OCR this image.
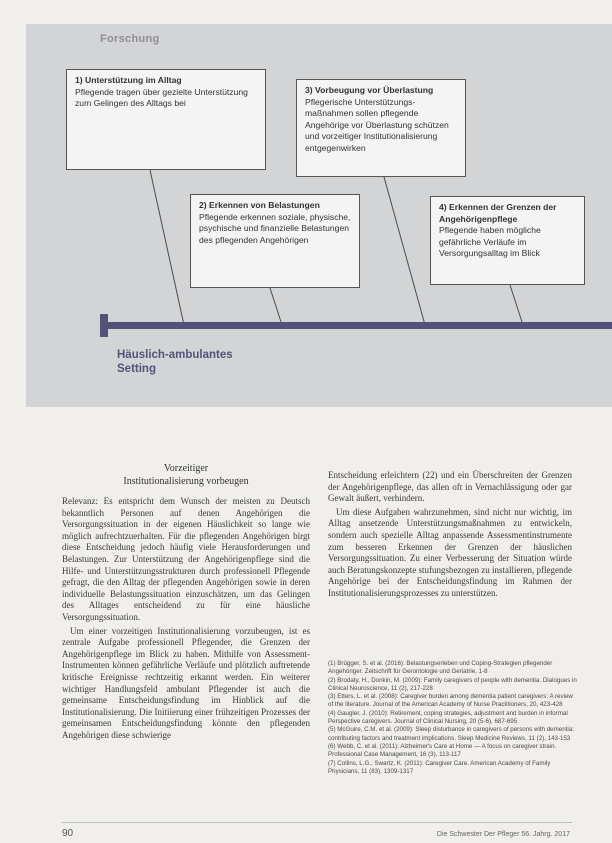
Forschung
1) Unterstützung im Alltag
Pflegende tragen über gezielte Unterstützung zum Gelingen des Alltags bei
3) Vorbeugung vor Überlastung
Pflegerische Unterstützungs-maßnahmen sollen pflegende Angehörige vor Überlastung schützen und vorzeitiger Institutionalisierung entgegenwirken
2) Erkennen von Belastungen
Pflegende erkennen soziale, physische, psychische und finanzielle Belastungen des pflegenden Angehörigen
4) Erkennen der Grenzen der Angehörigenpflege
Pflegende haben mögliche gefährliche Verläufe im Versorgungsalltag im Blick
Häuslich-ambulantes
Setting
Vorzeitiger
Institutionalisierung vorbeugen

Relevanz: Es entspricht dem Wunsch der meisten zu Deutsch bekanntlich Personen auf denen Angehörigen die Versorgungssituation in der eigenen Häuslichkeit so lange wie möglich aufrechtzuerhalten. Für die pflegenden Angehörigen birgt diese Entscheidung jedoch häufig viele Herausforderungen und Belastungen. Zur Unterstützung der Angehörigenpflege sind die Hilfe- und Unterstützungsstrukturen durch professionell Pflegende gefragt, die den Alltag der pflegenden Angehörigen sowie in deren individuelle Belastungssituation einzuschätzen, um das Gelingen des Alltages entscheidend zu für eine häusliche Versorgungssituation.

Um einer vorzeitigen Institutionalisierung vorzubeugen, ist es zentrale Aufgabe professionell Pflegender, die Grenzen der Angehörigenpflege im Blick zu haben. Mithilfe von Assessment-Instrumenten können gefährliche Verläufe und plötzlich auftretende kritische Ereignisse rechtzeitig erkannt werden. Ein weiterer wichtiger Handlungsfeld ambulant Pflegender ist auch die gemeinsame Entscheidungsfindung im Hinblick auf die Institutionalisierung. Die Initiierung einer frühzeitigen Prozesses der gemeinsamen Entscheidungsfindung könnte den pflegenden Angehörigen diese schwierige

Entscheidung erleichtern (22) und ein Überschreiten der Grenzen der Angehörigenpflege, das allen oft in Vernachlässigung oder gar Gewalt äußert, verhindern.

Um diese Aufgaben wahrzunehmen, sind nicht nur wichtig, im Alltag ansetzende Unterstützungsmaßnahmen zu entwickeln, sondern auch spezielle Alltag anpassende Assessmentinstrumente zum besseren Erkennen der Grenzen der häuslichen Versorgungssituation. Zu einer Verbesserung der Situation würde auch Beratungskonzepte stufungsbezogen zu installieren, pflegende Angehörige bei der Entscheidungsfindung im Rahmen der Institutionalisierungsprozesses zu unterstützen.

(1) Brügger, S. et al. (2016): Belastungserleben und Coping-Strategien pflegender Angehöriger. Zeitschrift für Gerontologie und Geriatrie, 1-8
(2) Brodaty, H., Donkin, M. (2009): Family caregivers of people with dementia. Dialogues in Clinical Neuroscience, 11 (2), 217-228
(3) Etters, L. et al. (2008): Caregiver burden among dementia patient caregivers: A review of the literature. Journal of the American Academy of Nurse Practitioners, 20, 423-428
(4) Gaugler, J. (2010): Retirement, coping strategies, adjustment and burden in informal Perspective caregivers. Journal of Clinical Nursing, 20 (5-6), 687-695
(5) McGuire, C.M. et al. (2009): Sleep disturbance in caregivers of persons with dementia: contributing factors and treatment implications. Sleep Medicine Reviews, 11 (2), 143-153
(6) Webb, C. et al. (2011): Alzheimer's Care at Home — A focus on caregiver strain. Professional Case Management, 16 (3), 113-117
(7) Collins, L.G., Swartz, K. (2011): Caregiver Care. American Academy of Family Physicians, 11 (83), 1309-1317
90	Die Schwester Der Pfleger 56. Jahrg. 2017
